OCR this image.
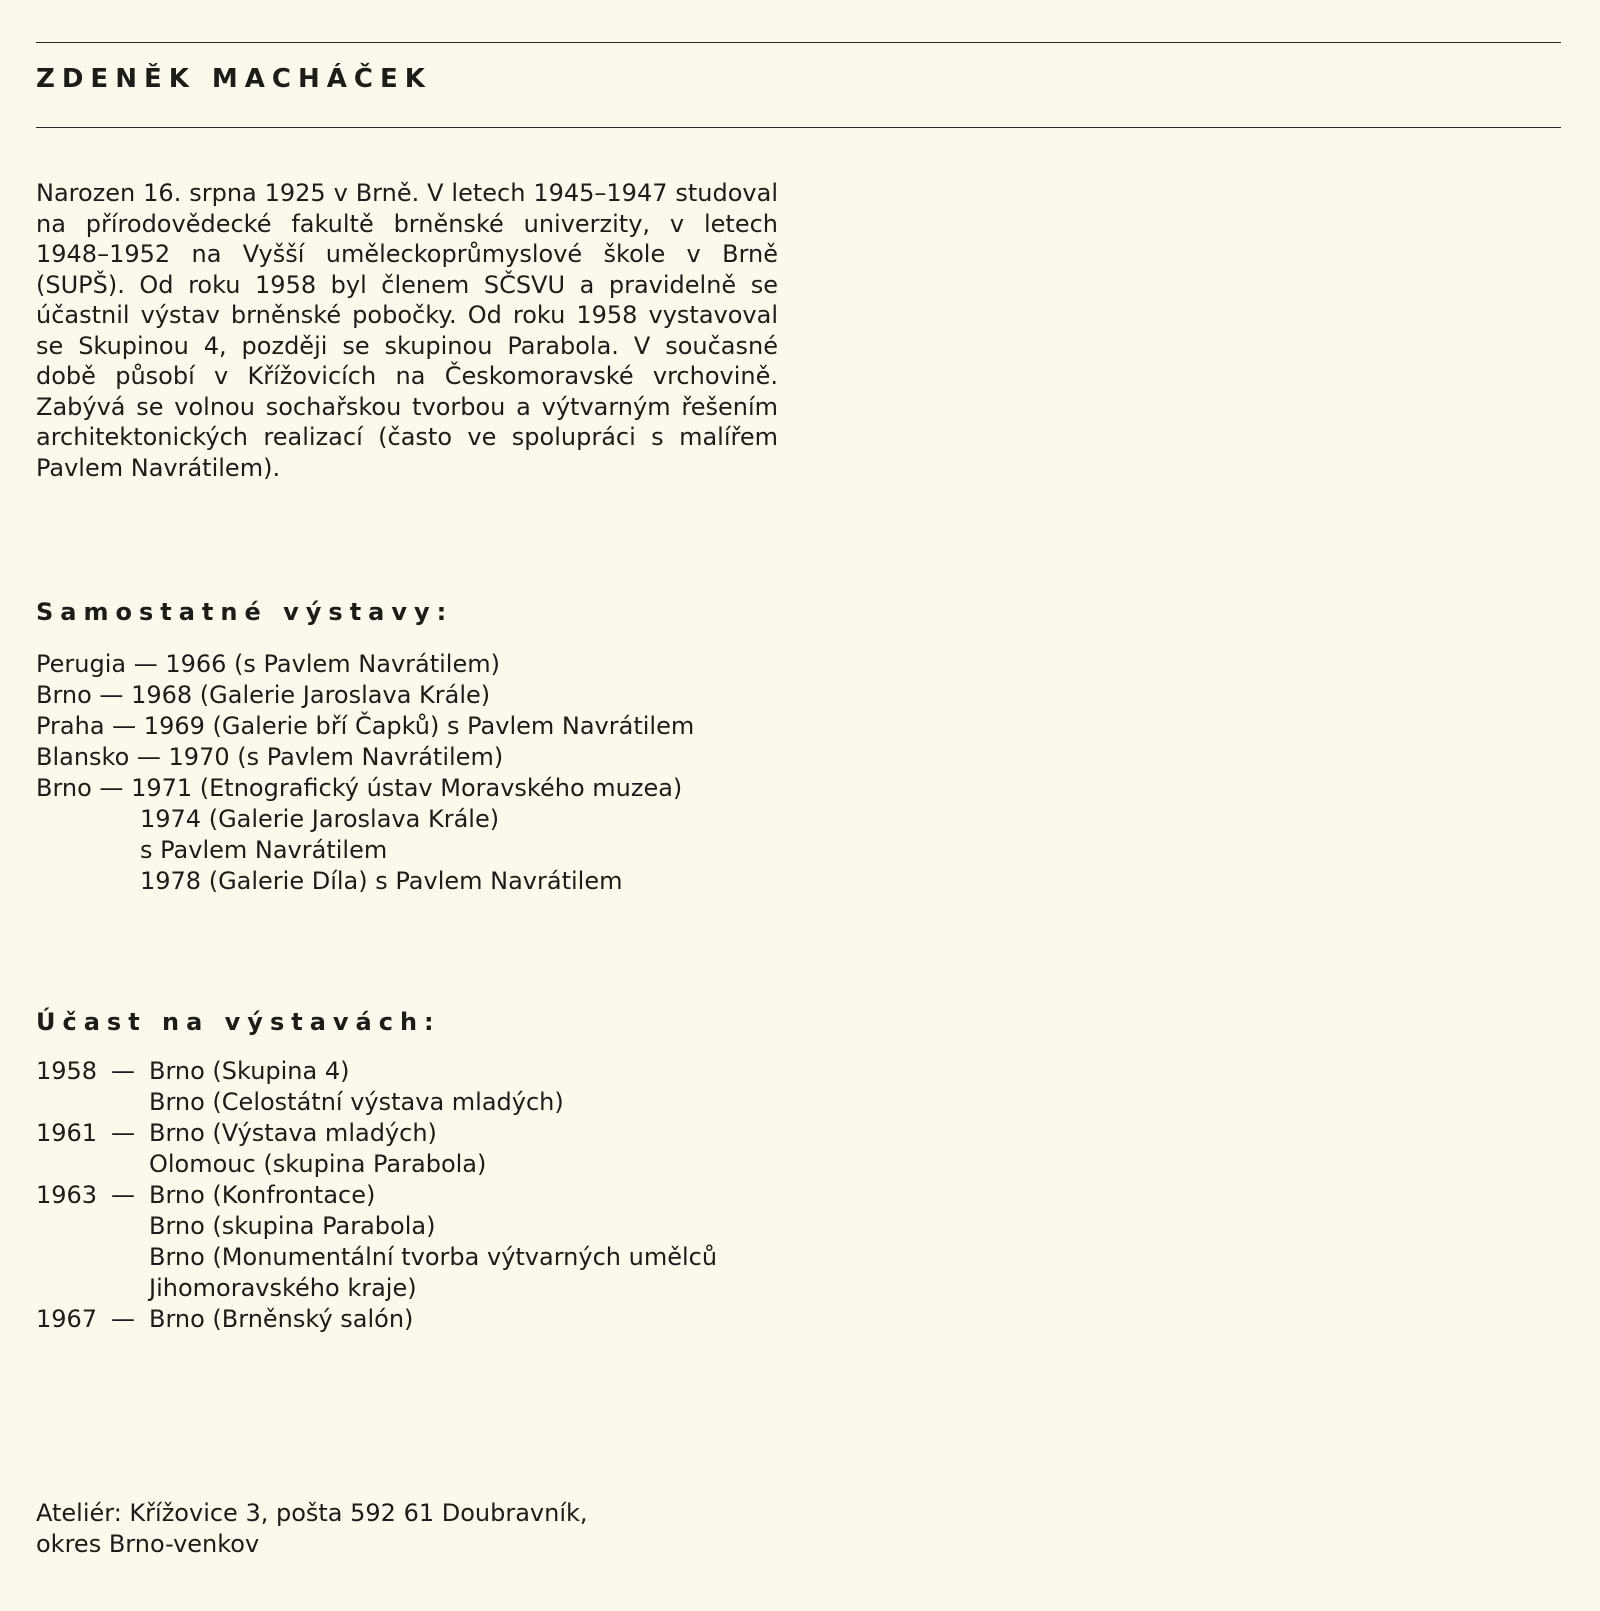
ZDENĚK MACHÁČEK

Narozen 16. srpna 1925 v Brně. V letech 1945–1947 studoval na přírodovědecké fakultě brněnské univerzity, v letech 1948–1952 na Vyšší uměleckoprůmyslové škole v Brně (SUPŠ). Od roku 1958 byl členem SČSVU a pravidelně se účastnil výstav brněnské pobočky. Od roku 1958 vystavoval se Skupinou 4, později se skupinou Parabola. V současné době působí v Křížovicích na Českomoravské vrchovině. Zabývá se volnou sochařskou tvorbou a výtvarným řešením architektonických realizací (často ve spolupráci s malířem Pavlem Navrátilem).

Samostatné výstavy:
Perugia — 1966 (s Pavlem Navrátilem)
Brno — 1968 (Galerie Jaroslava Krále)
Praha — 1969 (Galerie bří Čapků) s Pavlem Navrátilem
Blansko — 1970 (s Pavlem Navrátilem)
Brno — 1971 (Etnografický ústav Moravského muzea)
1974 (Galerie Jaroslava Krále)
s Pavlem Navrátilem
1978 (Galerie Díla) s Pavlem Navrátilem
Účast na výstavách:
1958 — Brno (Skupina 4)
Brno (Celostátní výstava mladých)
1961 — Brno (Výstava mladých)
Olomouc (skupina Parabola)
1963 — Brno (Konfrontace)
Brno (skupina Parabola)
Brno (Monumentální tvorba výtvarných umělců
Jihomoravského kraje)
1967 — Brno (Brněnský salón)

Ateliér: Křížovice 3, pošta 592 61 Doubravník,
okres Brno-venkov
